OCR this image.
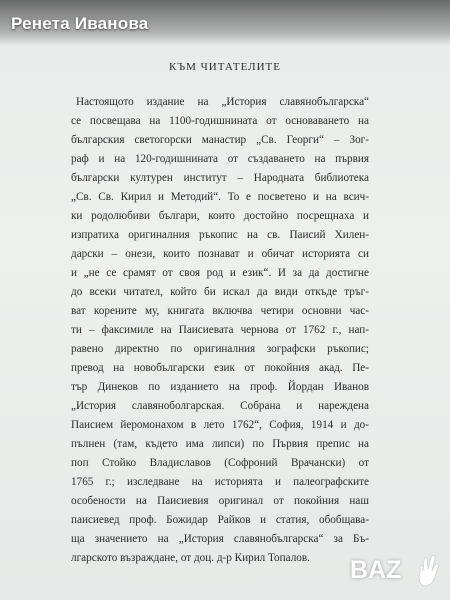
Ренета Иванова
КЪМ ЧИТАТЕЛИТЕ

Настоящото издание на „История славянобългарска“

се посвещава на 1100-годишнината от основаването на

българския светогорски манастир „Св. Георги“ – Зог-

раф и на 120-годишнината от създаването на първия

български културен институт – Народната библиотека

„Св. Св. Кирил и Методий“. То е посветено и на всич-

ки родолюбиви българи, които достойно посрещнаха и

изпратиха оригиналния ръкопис на св. Паисий Хилен-

дарски – онези, които познават и обичат историята си

и „не се срамят от своя род и език“. И за да достигне

до всеки читател, който би искал да види откъде тръг-

ват корените му, книгата включва четири основни час-

ти – факсимиле на Паисиевата чернова от 1762 г., нап-

равено директно по оригиналния зографски ръкопис;

превод на новобългарски език от покойния акад. Пе-

тър Динеков по изданието на проф. Йордан Иванов

„История славяноболгарская. Собрана и нареждена

Паисием йеромонахом в лето 1762“, София, 1914 и до-

пълнен (там, където има липси) по Първия препис на

поп Стойко Владиславов (Софроний Врачански) от

1765 г.; изследване на историята и палеографските

особености на Паисиевия оригинал от покойния наш

паисиевед проф. Божидар Райков и статия, обобщава-

ща значението на „История славянобългарска“ за Бъ-

лгарското възраждане, от доц. д-р Кирил Топалов.	BAZ
